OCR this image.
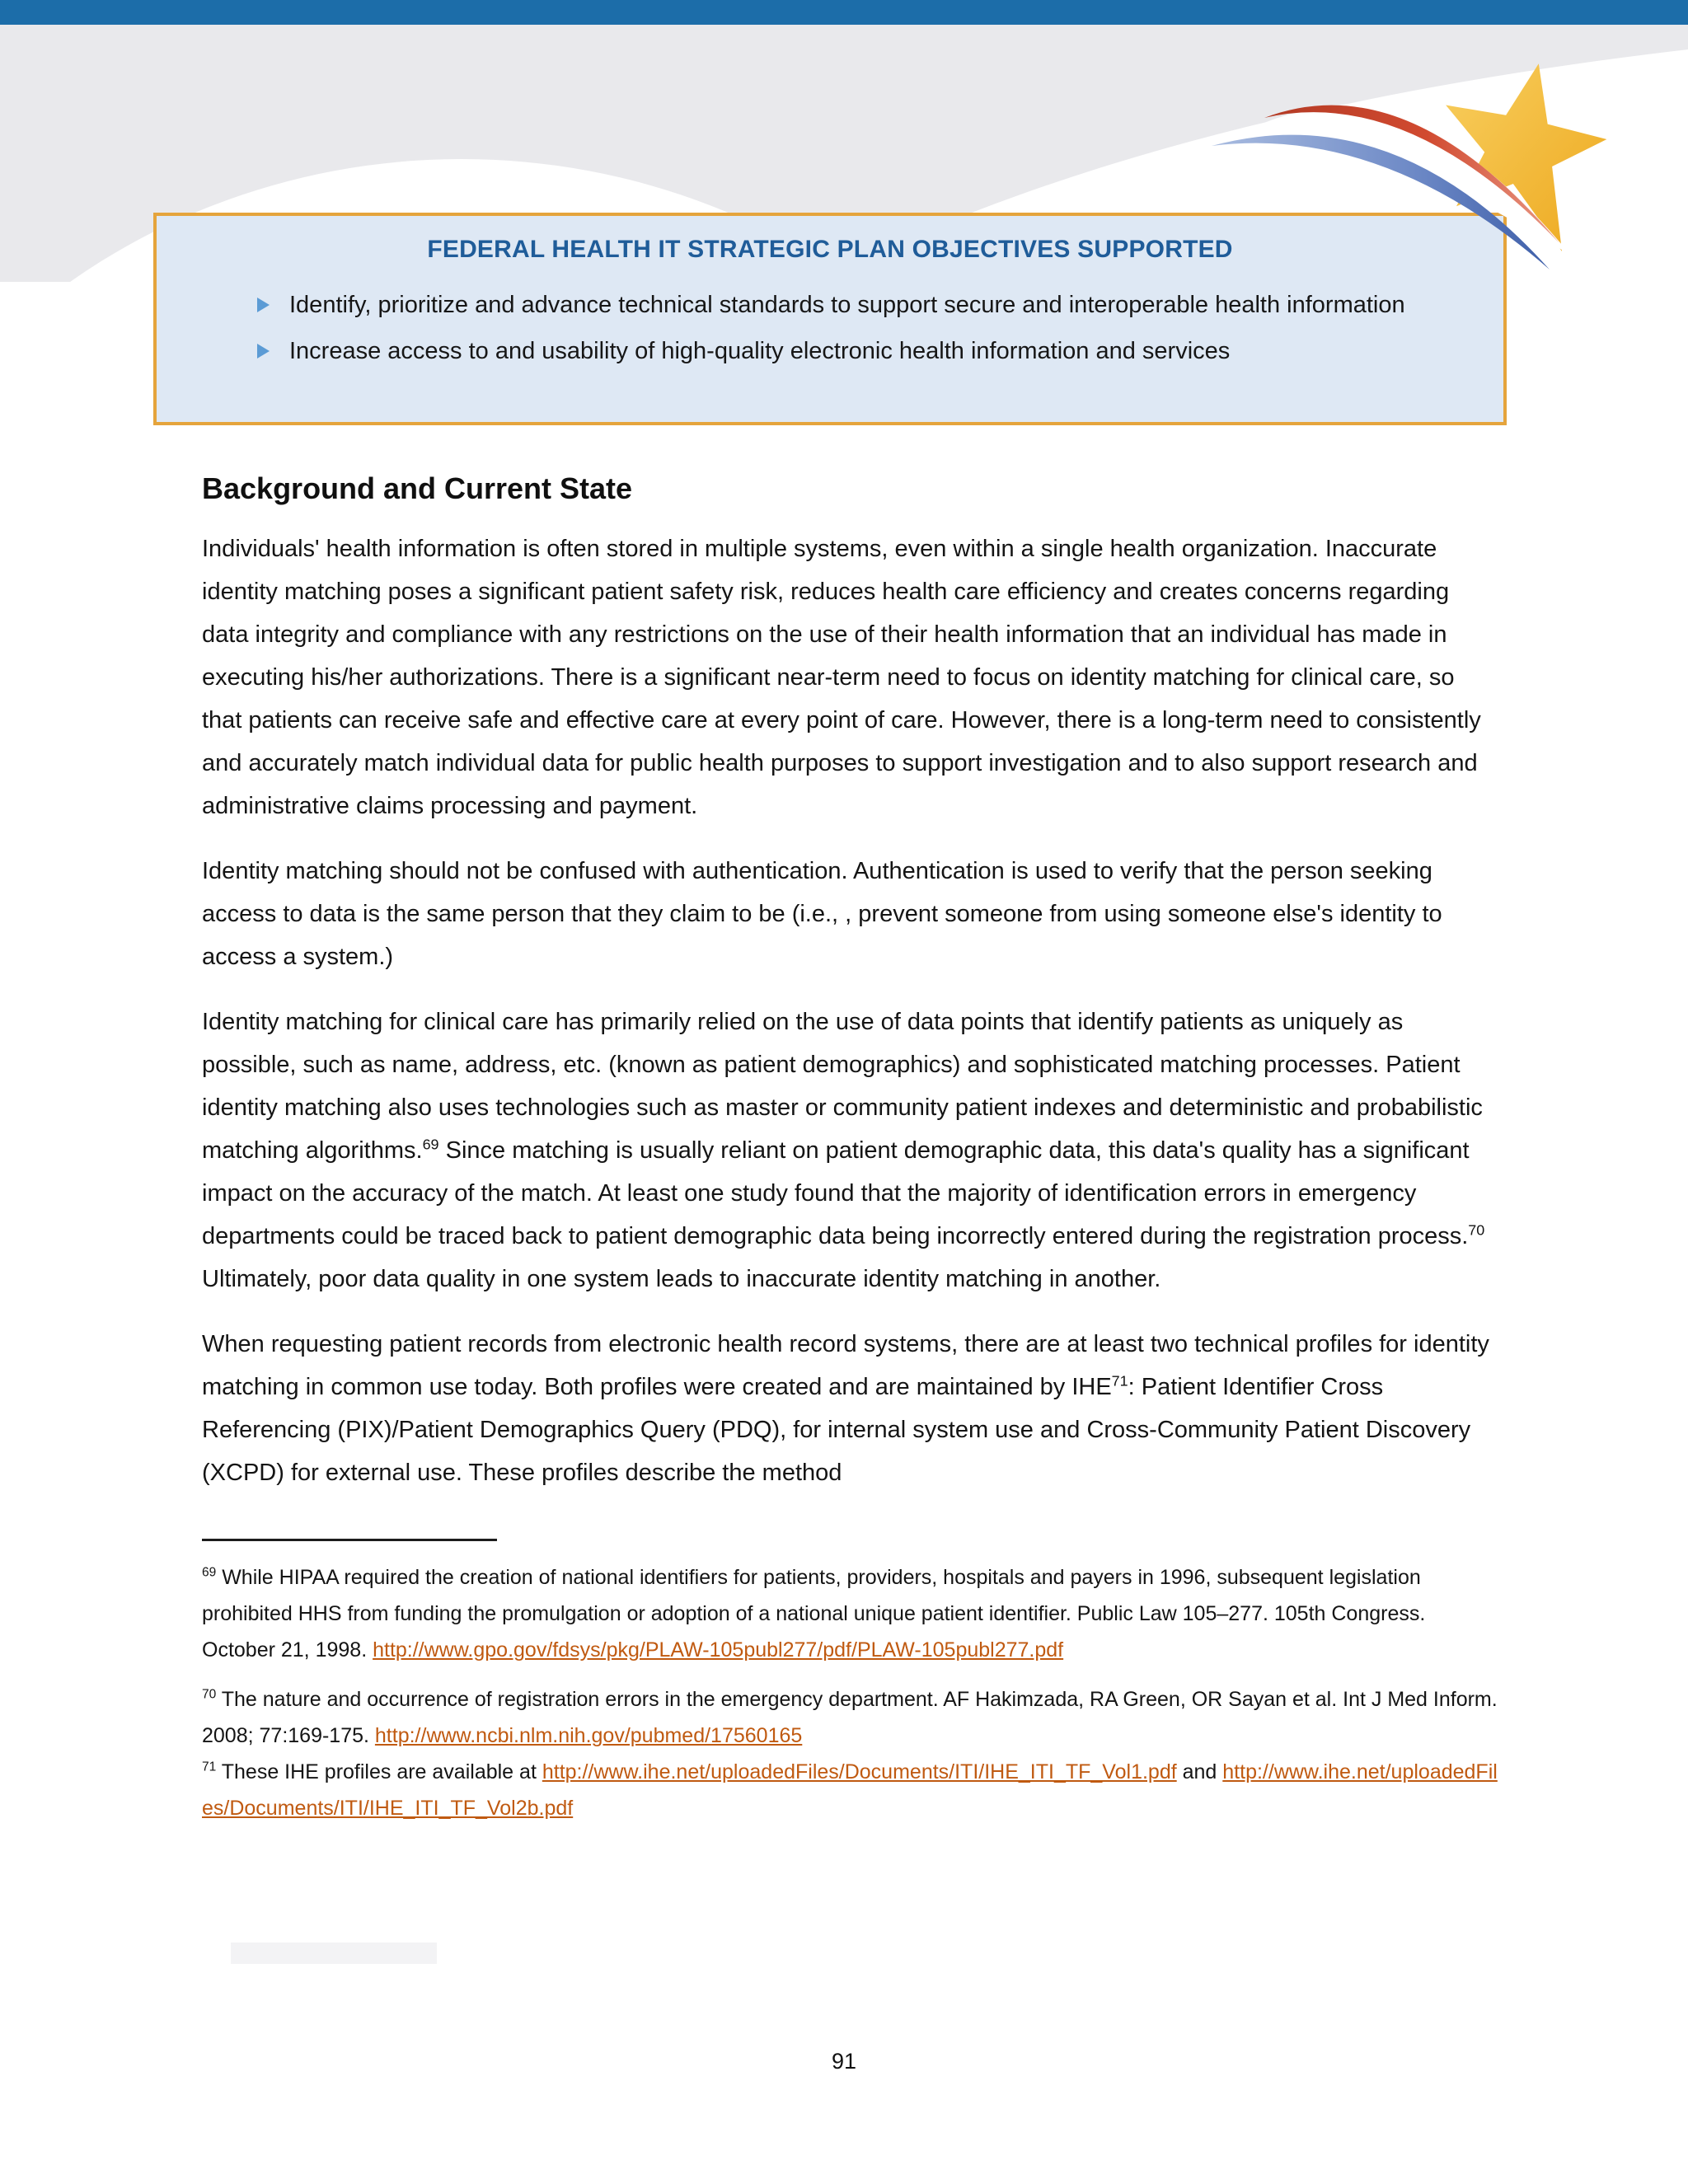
FEDERAL HEALTH IT STRATEGIC PLAN OBJECTIVES SUPPORTED
Identify, prioritize and advance technical standards to support secure and interoperable health information
Increase access to and usability of high-quality electronic health information and services
Background and Current State

Individuals' health information is often stored in multiple systems, even within a single health organization. Inaccurate identity matching poses a significant patient safety risk, reduces health care efficiency and creates concerns regarding data integrity and compliance with any restrictions on the use of their health information that an individual has made in executing his/her authorizations. There is a significant near-term need to focus on identity matching for clinical care, so that patients can receive safe and effective care at every point of care. However, there is a long-term need to consistently and accurately match individual data for public health purposes to support investigation and to also support research and administrative claims processing and payment.

Identity matching should not be confused with authentication. Authentication is used to verify that the person seeking access to data is the same person that they claim to be (i.e., , prevent someone from using someone else's identity to access a system.)

Identity matching for clinical care has primarily relied on the use of data points that identify patients as uniquely as possible, such as name, address, etc. (known as patient demographics) and sophisticated matching processes. Patient identity matching also uses technologies such as master or community patient indexes and deterministic and probabilistic matching algorithms.$^{69}$ Since matching is usually reliant on patient demographic data, this data's quality has a significant impact on the accuracy of the match. At least one study found that the majority of identification errors in emergency departments could be traced back to patient demographic data being incorrectly entered during the registration process.$^{70}$ Ultimately, poor data quality in one system leads to inaccurate identity matching in another.

When requesting patient records from electronic health record systems, there are at least two technical profiles for identity matching in common use today. Both profiles were created and are maintained by IHE$^{71}$: Patient Identifier Cross Referencing (PIX)/Patient Demographics Query (PDQ), for internal system use and Cross-Community Patient Discovery (XCPD) for external use. These profiles describe the method

$^{69}$ While HIPAA required the creation of national identifiers for patients, providers, hospitals and payers in 1996, subsequent legislation prohibited HHS from funding the promulgation or adoption of a national unique patient identifier. Public Law 105–277. 105th Congress. October 21, 1998. http://www.gpo.gov/fdsys/pkg/PLAW-105publ277/pdf/PLAW-105publ277.pdf
$^{70}$ The nature and occurrence of registration errors in the emergency department. AF Hakimzada, RA Green, OR Sayan et al. Int J Med Inform. 2008; 77:169-175. http://www.ncbi.nlm.nih.gov/pubmed/17560165
$^{71}$ These IHE profiles are available at http://www.ihe.net/uploadedFiles/Documents/ITI/IHE_ITI_TF_Vol1.pdf and http://www.ihe.net/uploadedFiles/Documents/ITI/IHE_ITI_TF_Vol2b.pdf
91
